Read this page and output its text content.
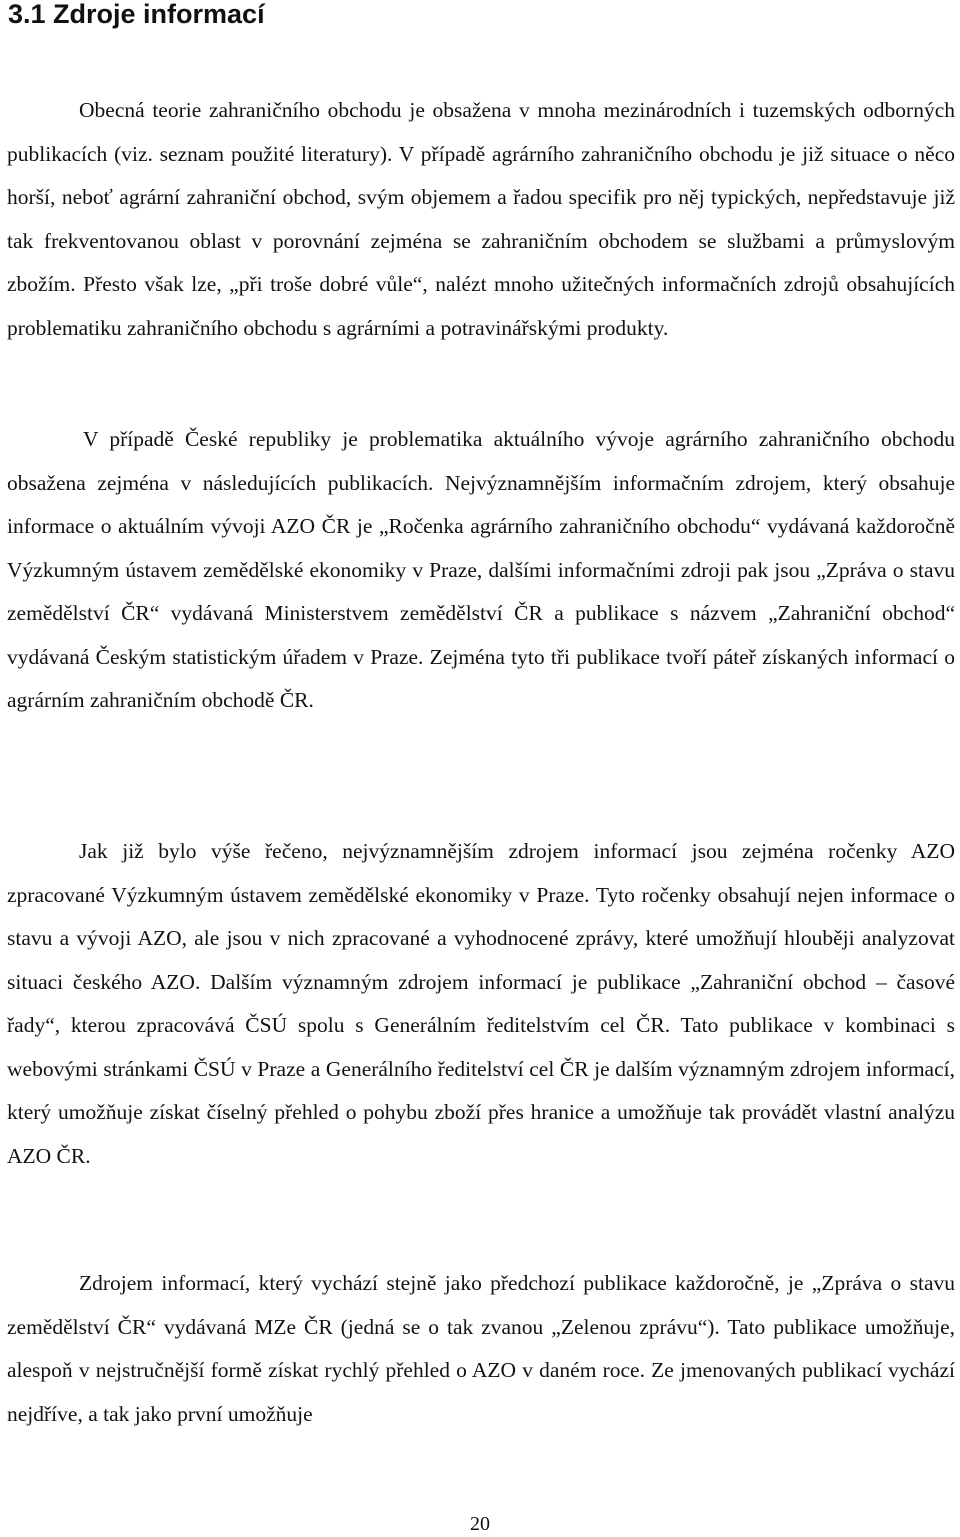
3.1 Zdroje informací

Obecná teorie zahraničního obchodu je obsažena v mnoha mezinárodních i tuzemských odborných publikacích (viz. seznam použité literatury). V případě agrárního zahraničního obchodu je již situace o něco horší, neboť agrární zahraniční obchod, svým objemem a řadou specifik pro něj typických, nepředstavuje již tak frekventovanou oblast v porovnání zejména se zahraničním obchodem se službami a průmyslovým zbožím. Přesto však lze, „při troše dobré vůle“, nalézt mnoho užitečných informačních zdrojů obsahujících problematiku zahraničního obchodu s agrárními a potravinářskými produkty.

V případě České republiky je problematika aktuálního vývoje agrárního zahraničního obchodu obsažena zejména v následujících publikacích. Nejvýznamnějším informačním zdrojem, který obsahuje informace o aktuálním vývoji AZO ČR je „Ročenka agrárního zahraničního obchodu“ vydávaná každoročně Výzkumným ústavem zemědělské ekonomiky v Praze, dalšími informačními zdroji pak jsou „Zpráva o stavu zemědělství ČR“ vydávaná Ministerstvem zemědělství ČR a publikace s názvem „Zahraniční obchod“ vydávaná Českým statistickým úřadem v Praze. Zejména tyto tři publikace tvoří páteř získaných informací o agrárním zahraničním obchodě ČR.

Jak již bylo výše řečeno, nejvýznamnějším zdrojem informací jsou zejména ročenky AZO zpracované Výzkumným ústavem zemědělské ekonomiky v Praze. Tyto ročenky obsahují nejen informace o stavu a vývoji AZO, ale jsou v nich zpracované a vyhodnocené zprávy, které umožňují hlouběji analyzovat situaci českého AZO. Dalším významným zdrojem informací je publikace „Zahraniční obchod – časové řady“, kterou zpracovává ČSÚ spolu s Generálním ředitelstvím cel ČR. Tato publikace v kombinaci s webovými stránkami ČSÚ v Praze a Generálního ředitelství cel ČR je dalším významným zdrojem informací, který umožňuje získat číselný přehled o pohybu zboží přes hranice a umožňuje tak provádět vlastní analýzu AZO ČR.

Zdrojem informací, který vychází stejně jako předchozí publikace každoročně, je „Zpráva o stavu zemědělství ČR“ vydávaná MZe ČR (jedná se o tak zvanou „Zelenou zprávu“). Tato publikace umožňuje, alespoň v nejstručnější formě získat rychlý přehled o AZO v daném roce. Ze jmenovaných publikací vychází nejdříve, a tak jako první umožňuje

20
